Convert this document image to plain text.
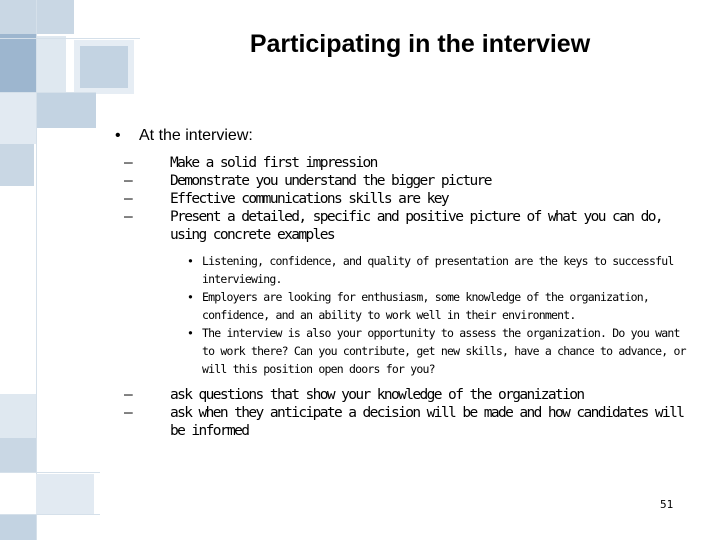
Participating in the interview
• At the interview:
–	Make a solid first impression
–	Demonstrate you understand the bigger picture
–	Effective communications skills are key
–	Present a detailed, specific and positive picture of what you can do, using concrete examples
• Listening, confidence, and quality of presentation are the keys to successful interviewing.
• Employers are looking for enthusiasm, some knowledge of the organization, confidence, and an ability to work well in their environment.
• The interview is also your opportunity to assess the organization. Do you want to work there? Can you contribute, get new skills, have a chance to advance, or will this position open doors for you?
–	ask questions that show your knowledge of the organization
–	ask when they anticipate a decision will be made and how candidates will be informed
51
